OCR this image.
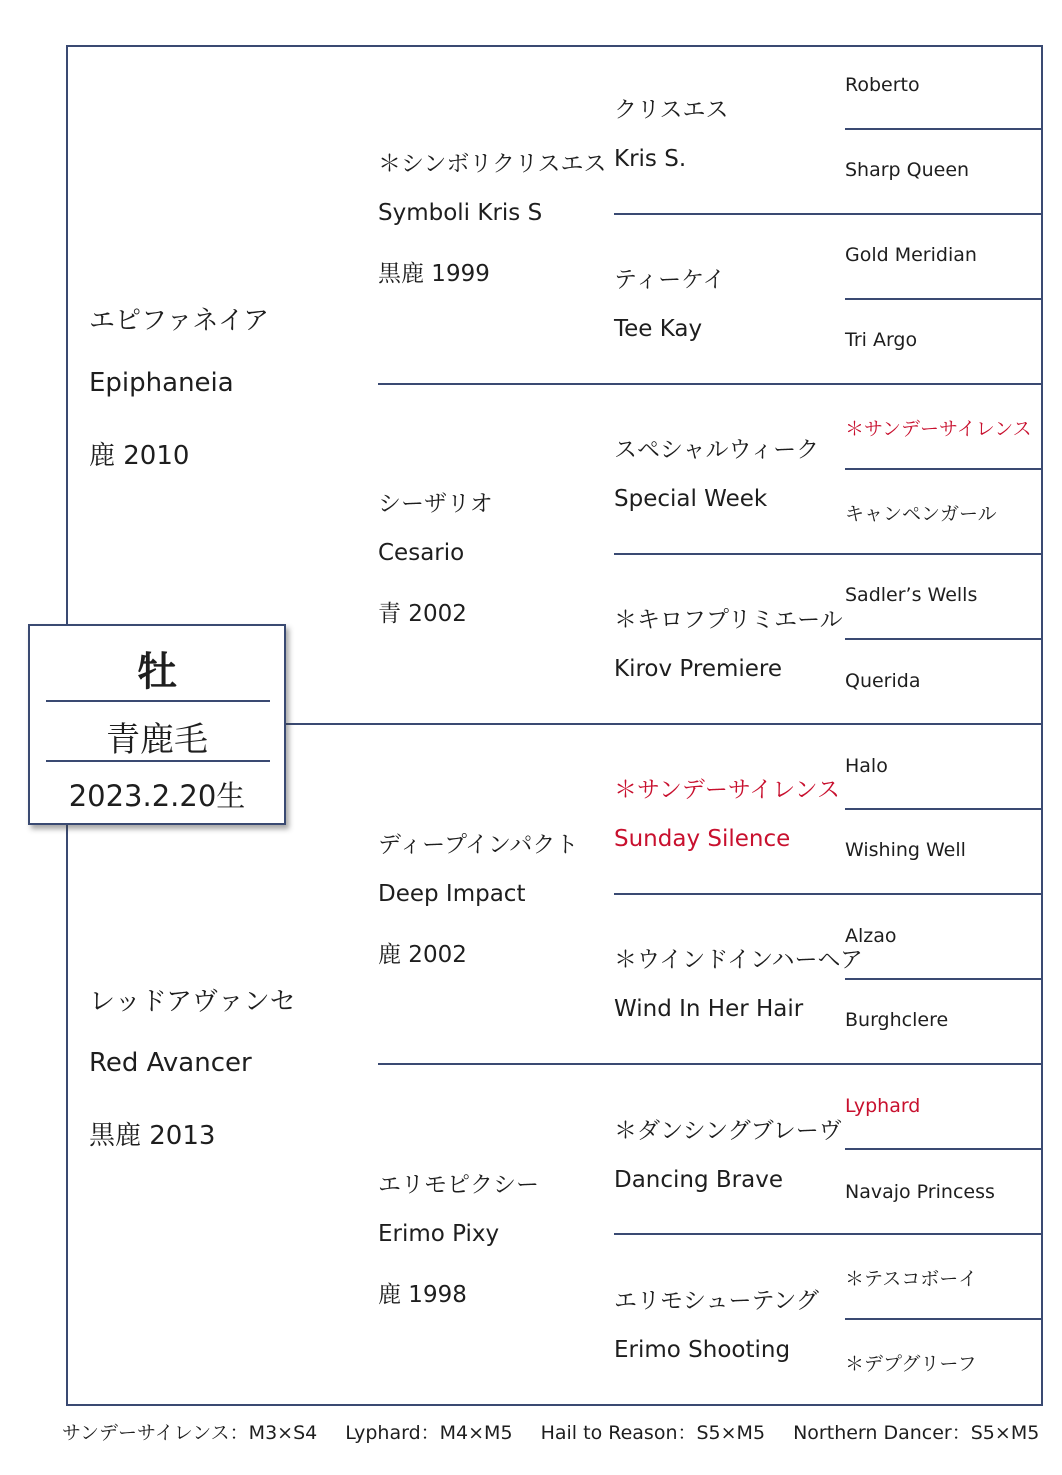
エピファネイア
Epiphaneia
鹿 2010
レッドアヴァンセ
Red Avancer
黒鹿 2013
＊シンボリクリスエス
Symboli Kris S
黒鹿 1999
シーザリオ
Cesario
青 2002
ディープインパクト
Deep Impact
鹿 2002
エリモピクシー
Erimo Pixy
鹿 1998
クリスエス
Kris S.
ティーケイ
Tee Kay
スペシャルウィーク
Special Week
＊キロフプリミエール
Kirov Premiere
＊サンデーサイレンス
Sunday Silence
＊ウインドインハーヘア
Wind In Her Hair
＊ダンシングブレーヴ
Dancing Brave
エリモシューテング
Erimo Shooting
Roberto
Sharp Queen
Gold Meridian
Tri Argo
＊サンデーサイレンス
キャンペンガール
Sadler’s Wells
Querida
Halo
Wishing Well
Alzao
Burghclere
Lyphard
Navajo Princess
＊テスコボーイ
＊デプグリーフ
牡
青鹿毛
2023.2.20生
サンデーサイレンス：M3×S4 Lyphard：M4×M5 Hail to Reason：S5×M5 Northern Dancer：S5×M5
